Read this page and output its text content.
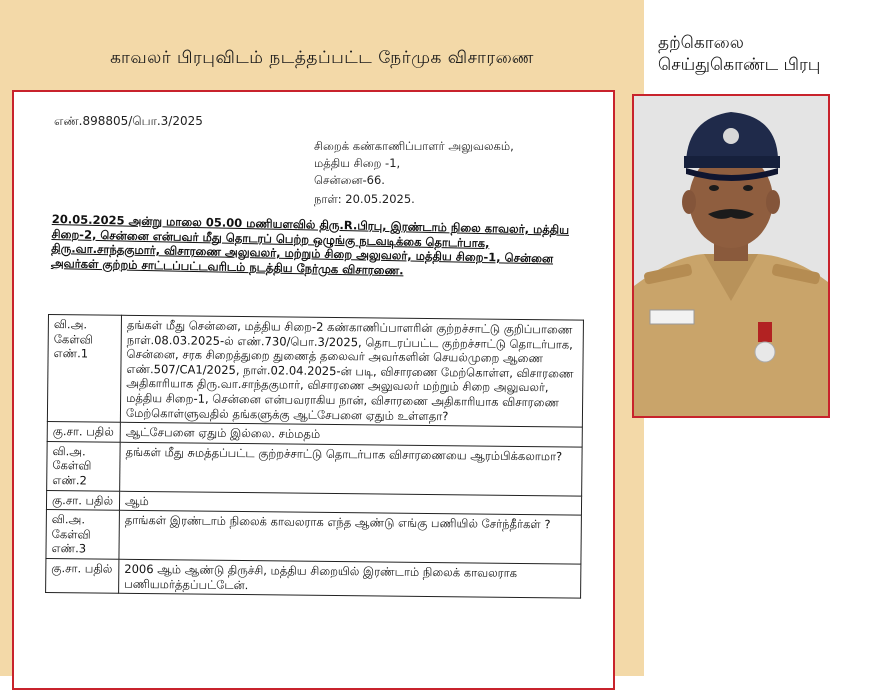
காவலர் பிரபுவிடம் நடத்தப்பட்ட நேர்முக விசாரணை
எண்.898805/பொ.3/2025
சிறைக் கண்காணிப்பாளர் அலுவலகம்,
மத்திய சிறை -1,
சென்னை-66.
நாள்: 20.05.2025.
20.05.2025 அன்று மாலை 05.00 மணியளவில் திரு.R.பிரபு, இரண்டாம் நிலை காவலர், மத்திய சிறை-2, சென்னை என்பவர் மீது தொடரப் பெற்ற ஒழுங்கு நடவடிக்கை தொடர்பாக, திரு.வா.சாந்தகுமார், விசாரணை அலுவலர், மற்றும் சிறை அலுவலர், மத்திய சிறை-1, சென்னை அவர்கள் குற்றம் சாட்டப்பட்டவரிடம் நடத்திய நேர்முக விசாரணை.
வி.அ. கேள்வி எண்.1	தங்கள் மீது சென்னை, மத்திய சிறை-2 கண்காணிப்பாளரின் குற்றச்சாட்டு குறிப்பாணை நாள்.08.03.2025-ல் எண்.730/பொ.3/2025, தொடரப்பட்ட குற்றச்சாட்டு தொடர்பாக, சென்னை, சரக சிறைத்துறை துணைத் தலைவர் அவர்களின் செயல்முறை ஆணை எண்.507/CA1/2025, நாள்.02.04.2025-ன் படி, விசாரணை மேற்கொள்ள, விசாரணை அதிகாரியாக திரு.வா.சாந்தகுமார், விசாரணை அலுவலர் மற்றும் சிறை அலுவலர், மத்திய சிறை-1, சென்னை என்பவராகிய நான், விசாரணை அதிகாரியாக விசாரணை மேற்கொள்ளுவதில் தங்களுக்கு ஆட்சேபனை ஏதும் உள்ளதா?
கு.சா. பதில்	ஆட்சேபனை ஏதும் இல்லை. சம்மதம்
வி.அ. கேள்வி எண்.2	தங்கள் மீது சுமத்தப்பட்ட குற்றச்சாட்டு தொடர்பாக விசாரணையை ஆரம்பிக்கலாமா?
கு.சா. பதில்	ஆம்
வி.அ. கேள்வி எண்.3	தாங்கள் இரண்டாம் நிலைக் காவலராக எந்த ஆண்டு எங்கு பணியில் சேர்ந்தீர்கள் ?
கு.சா. பதில்	2006 ஆம் ஆண்டு திருச்சி, மத்திய சிறையில் இரண்டாம் நிலைக் காவலராக பணியமர்த்தப்பட்டேன்.
தற்கொலை
செய்துகொண்ட பிரபு
